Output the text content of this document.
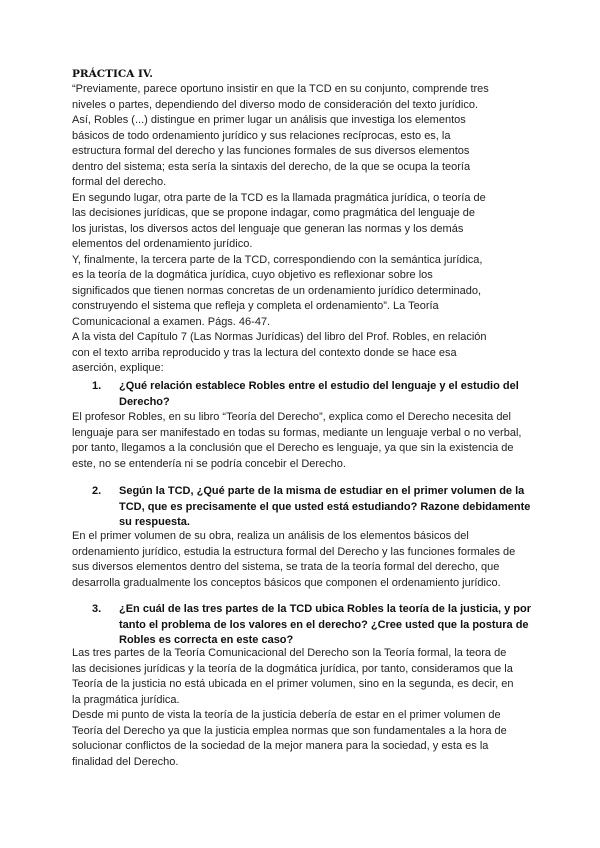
PRÁCTICA IV.

“Previamente, parece oportuno insistir en que la TCD en su conjunto, comprende tres

niveles o partes, dependiendo del diverso modo de consideración del texto jurídico.

Así, Robles (...) distingue en primer lugar un análisis que investiga los elementos

básicos de todo ordenamiento jurídico y sus relaciones recíprocas, esto es, la

estructura formal del derecho y las funciones formales de sus diversos elementos

dentro del sistema; esta sería la sintaxis del derecho, de la que se ocupa la teoría

formal del derecho.

En segundo lugar, otra parte de la TCD es la llamada pragmática jurídica, o teoría de

las decisiones jurídicas, que se propone indagar, como pragmática del lenguaje de

los juristas, los diversos actos del lenguaje que generan las normas y los demás

elementos del ordenamiento jurídico.

Y, finalmente, la tercera parte de la TCD, correspondiendo con la semántica jurídica,

es la teoría de la dogmática jurídica, cuyo objetivo es reflexionar sobre los

significados que tienen normas concretas de un ordenamiento jurídico determinado,

construyendo el sistema que refleja y completa el ordenamiento”. La Teoría

Comunicacional a examen. Págs. 46-47.

A la vista del Capítulo 7 (Las Normas Jurídicas) del libro del Prof. Robles, en relación

con el texto arriba reproducido y tras la lectura del contexto donde se hace esa

aserción, explique:

1. ¿Qué relación establece Robles entre el estudio del lenguaje y el estudio del

Derecho?

El profesor Robles, en su libro “Teoría del Derecho”, explica como el Derecho necesita del

lenguaje para ser manifestado en todas su formas, mediante un lenguaje verbal o no verbal,

por tanto, llegamos a la conclusión que el Derecho es lenguaje, ya que sin la existencia de

este, no se entendería ni se podría concebir el Derecho.

2. Según la TCD, ¿Qué parte de la misma de estudiar en el primer volumen de la

TCD, que es precisamente el que usted está estudiando? Razone debidamente

su respuesta.

En el primer volumen de su obra, realiza un análisis de los elementos básicos del

ordenamiento jurídico, estudia la estructura formal del Derecho y las funciones formales de

sus diversos elementos dentro del sistema, se trata de la teoría formal del derecho, que

desarrolla gradualmente los conceptos básicos que componen el ordenamiento jurídico.

3. ¿En cuál de las tres partes de la TCD ubica Robles la teoría de la justicia, y por

tanto el problema de los valores en el derecho? ¿Cree usted que la postura de

Robles es correcta en este caso?

Las tres partes de la Teoría Comunicacional del Derecho son la Teoría formal, la teora de

las decisiones jurídicas y la teoría de la dogmática jurídica, por tanto, consideramos que la

Teoría de la justicia no está ubicada en el primer volumen, sino en la segunda, es decir, en

la pragmática jurídica.

Desde mi punto de vista la teoría de la justicia debería de estar en el primer volumen de

Teoría del Derecho ya que la justicia emplea normas que son fundamentales a la hora de

solucionar conflictos de la sociedad de la mejor manera para la sociedad, y esta es la

finalidad del Derecho.
